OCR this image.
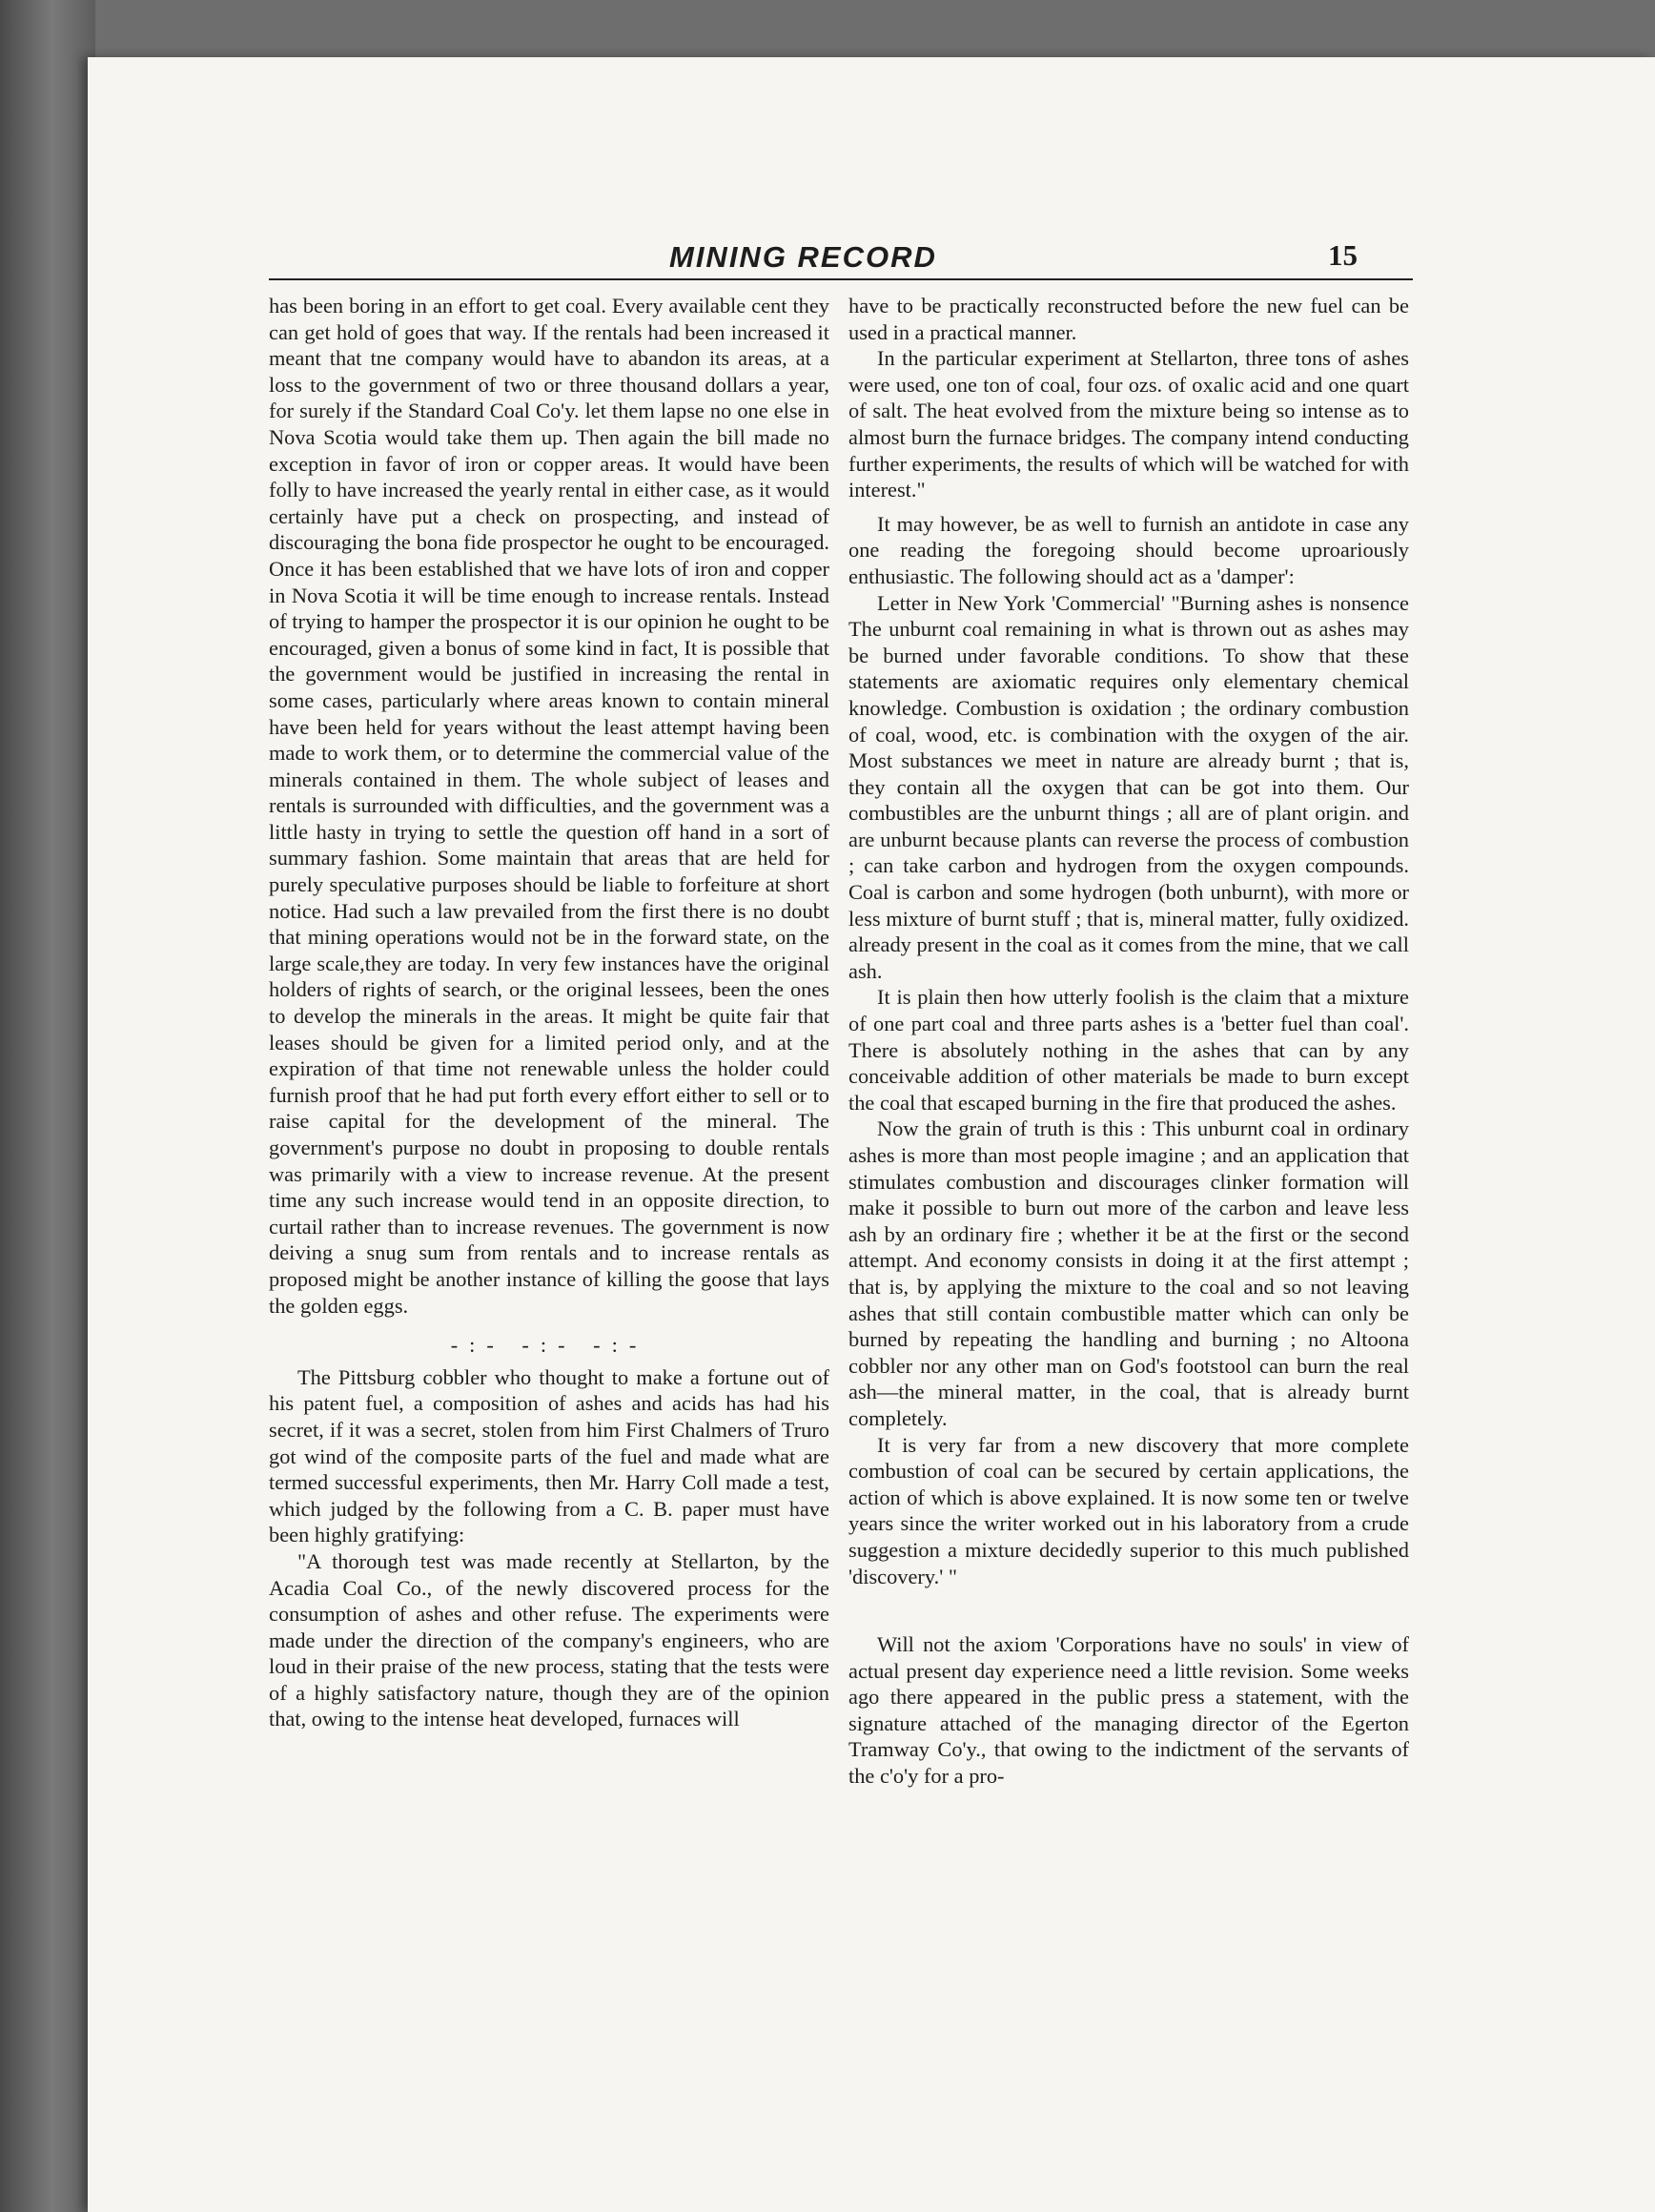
MINING RECORD	15

has been boring in an effort to get coal. Every available cent they can get hold of goes that way. If the rentals had been increased it meant that tne company would have to abandon its areas, at a loss to the government of two or three thousand dollars a year, for surely if the Standard Coal Co'y. let them lapse no one else in Nova Scotia would take them up. Then again the bill made no exception in favor of iron or copper areas. It would have been folly to have increased the yearly rental in either case, as it would certainly have put a check on prospecting, and instead of discouraging the bona fide prospector he ought to be encouraged. Once it has been established that we have lots of iron and copper in Nova Scotia it will be time enough to increase rentals. Instead of trying to hamper the prospector it is our opinion he ought to be encouraged, given a bonus of some kind in fact, It is possible that the government would be justified in increasing the rental in some cases, particularly where areas known to contain mineral have been held for years without the least attempt having been made to work them, or to determine the commercial value of the minerals contained in them. The whole subject of leases and rentals is surrounded with difficulties, and the government was a little hasty in trying to settle the question off hand in a sort of summary fashion. Some maintain that areas that are held for purely speculative purposes should be liable to forfeiture at short notice. Had such a law prevailed from the first there is no doubt that mining operations would not be in the forward state, on the large scale,they are today. In very few instances have the original holders of rights of search, or the original lessees, been the ones to develop the minerals in the areas. It might be quite fair that leases should be given for a limited period only, and at the expiration of that time not renewable unless the holder could furnish proof that he had put forth every effort either to sell or to raise capital for the development of the mineral. The government's purpose no doubt in proposing to double rentals was primarily with a view to increase revenue. At the present time any such increase would tend in an opposite direction, to curtail rather than to increase revenues. The government is now deiving a snug sum from rentals and to increase rentals as proposed might be another instance of killing the goose that lays the golden eggs.

-:- -:- -:-

The Pittsburg cobbler who thought to make a fortune out of his patent fuel, a composition of ashes and acids has had his secret, if it was a secret, stolen from him First Chalmers of Truro got wind of the composite parts of the fuel and made what are termed successful experiments, then Mr. Harry Coll made a test, which judged by the following from a C. B. paper must have been highly gratifying:

"A thorough test was made recently at Stellarton, by the Acadia Coal Co., of the newly discovered process for the consumption of ashes and other refuse. The experiments were made under the direction of the company's engineers, who are loud in their praise of the new process, stating that the tests were of a highly satisfactory nature, though they are of the opinion that, owing to the intense heat developed, furnaces will

have to be practically reconstructed before the new fuel can be used in a practical manner.

In the particular experiment at Stellarton, three tons of ashes were used, one ton of coal, four ozs. of oxalic acid and one quart of salt. The heat evolved from the mixture being so intense as to almost burn the furnace bridges. The company intend conducting further experiments, the results of which will be watched for with interest."

It may however, be as well to furnish an antidote in case any one reading the foregoing should become uproariously enthusiastic. The following should act as a 'damper':

Letter in New York 'Commercial' "Burning ashes is nonsence The unburnt coal remaining in what is thrown out as ashes may be burned under favorable conditions. To show that these statements are axiomatic requires only elementary chemical knowledge. Combustion is oxidation ; the ordinary combustion of coal, wood, etc. is combination with the oxygen of the air. Most substances we meet in nature are already burnt ; that is, they contain all the oxygen that can be got into them. Our combustibles are the unburnt things ; all are of plant origin. and are unburnt because plants can reverse the process of combustion ; can take carbon and hydrogen from the oxygen compounds. Coal is carbon and some hydrogen (both unburnt), with more or less mixture of burnt stuff ; that is, mineral matter, fully oxidized. already present in the coal as it comes from the mine, that we call ash.

It is plain then how utterly foolish is the claim that a mixture of one part coal and three parts ashes is a 'better fuel than coal'. There is absolutely nothing in the ashes that can by any conceivable addition of other materials be made to burn except the coal that escaped burning in the fire that produced the ashes.

Now the grain of truth is this : This unburnt coal in ordinary ashes is more than most people imagine ; and an application that stimulates combustion and discourages clinker formation will make it possible to burn out more of the carbon and leave less ash by an ordinary fire ; whether it be at the first or the second attempt. And economy consists in doing it at the first attempt ; that is, by applying the mixture to the coal and so not leaving ashes that still contain combustible matter which can only be burned by repeating the handling and burning ; no Altoona cobbler nor any other man on God's footstool can burn the real ash—the mineral matter, in the coal, that is already burnt completely.

It is very far from a new discovery that more complete combustion of coal can be secured by certain applications, the action of which is above explained. It is now some ten or twelve years since the writer worked out in his laboratory from a crude suggestion a mixture decidedly superior to this much published 'discovery.' "

Will not the axiom 'Corporations have no souls' in view of actual present day experience need a little revision. Some weeks ago there appeared in the public press a statement, with the signature attached of the managing director of the Egerton Tramway Co'y., that owing to the indictment of the servants of the c'o'y for a pro-
